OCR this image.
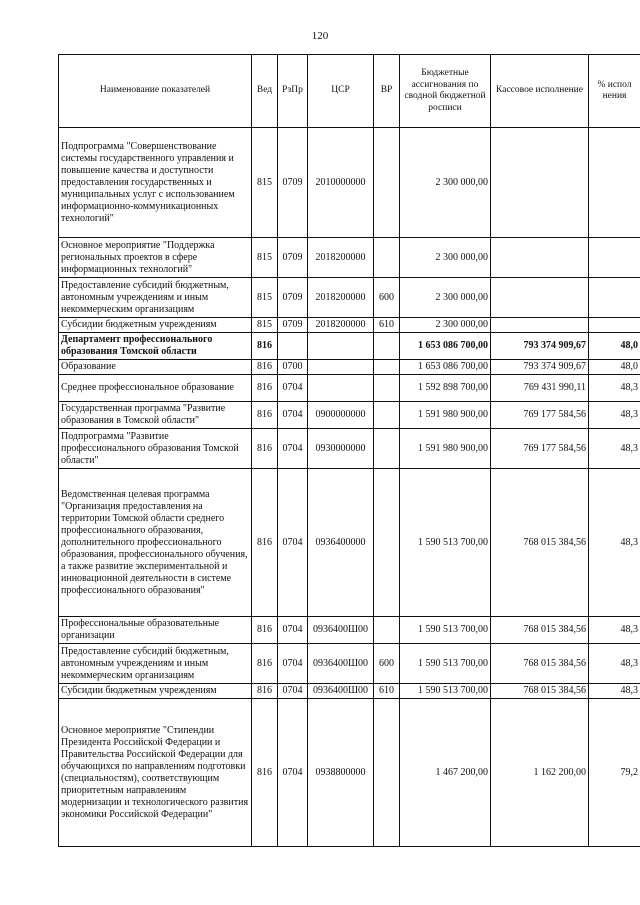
120
Наименование показателей	Вед	РзПр	ЦСР	ВР	Бюджетные ассигнования по сводной бюджетной росписи	Кассовое исполнение	% испол нения
Подпрограмма "Совершенствование системы государственного управления и повышение качества и доступности предоставления государственных и муниципальных услуг с использованием информационно-коммуникационных технологий"	815	0709	2010000000		2 300 000,00		
Основное мероприятие "Поддержка региональных проектов в сфере информационных технологий"	815	0709	2018200000		2 300 000,00		
Предоставление субсидий бюджетным, автономным учреждениям и иным некоммерческим организациям	815	0709	2018200000	600	2 300 000,00		
Субсидии бюджетным учреждениям	815	0709	2018200000	610	2 300 000,00		
Департамент профессионального образования Томской области	816				1 653 086 700,00	793 374 909,67	48,0
Образование	816	0700			1 653 086 700,00	793 374 909,67	48,0
Среднее профессиональное образование	816	0704			1 592 898 700,00	769 431 990,11	48,3
Государственная программа "Развитие образования в Томской области"	816	0704	0900000000		1 591 980 900,00	769 177 584,56	48,3
Подпрограмма "Развитие профессионального образования Томской области"	816	0704	0930000000		1 591 980 900,00	769 177 584,56	48,3
Ведомственная целевая программа "Организация предоставления на территории Томской области среднего профессионального образования, дополнительного профессионального образования, профессионального обучения, а также развитие экспериментальной и инновационной деятельности в системе профессионального образования"	816	0704	0936400000		1 590 513 700,00	768 015 384,56	48,3
Профессиональные образовательные организации	816	0704	0936400Ш00		1 590 513 700,00	768 015 384,56	48,3
Предоставление субсидий бюджетным, автономным учреждениям и иным некоммерческим организациям	816	0704	0936400Ш00	600	1 590 513 700,00	768 015 384,56	48,3
Субсидии бюджетным учреждениям	816	0704	0936400Ш00	610	1 590 513 700,00	768 015 384,56	48,3
Основное мероприятие "Стипендии Президента Российской Федерации и Правительства Российской Федерации для обучающихся по направлениям подготовки (специальностям), соответствующим приоритетным направлениям модернизации и технологического развития экономики Российской Федерации"	816	0704	0938800000		1 467 200,00	1 162 200,00	79,2
